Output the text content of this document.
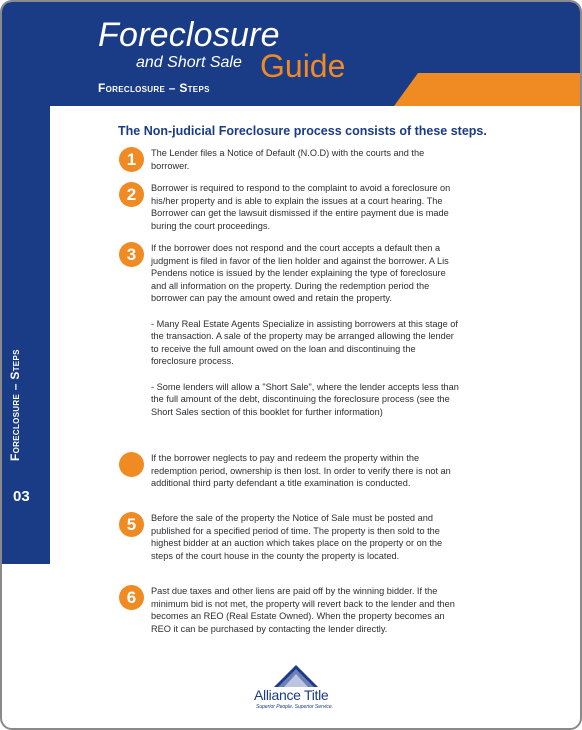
Foreclosure
and Short Sale Guide
Foreclosure – Steps
Foreclosure – Steps
03
The Non-judicial Foreclosure process consists of these steps.
1	The Lender files a Notice of Default (N.O.D) with the courts and the borrower.

2	Borrower is required to respond to the complaint to avoid a foreclosure on his/her property and is able to explain the issues at a court hearing. The Borrower can get the lawsuit dismissed if the entire payment due is made buring the court proceedings.

3	If the borrower does not respond and the court accepts a default then a judgment is filed in favor of the lien holder and against the borrower. A Lis Pendens notice is issued by the lender explaining the type of foreclosure and all information on the property. During the redemption period the borrower can pay the amount owed and retain the property.

- Many Real Estate Agents Specialize in assisting borrowers at this stage of the transaction. A sale of the property may be arranged allowing the lender to receive the full amount owed on the loan and discontinuing the foreclosure process.

- Some lenders will allow a "Short Sale", where the lender accepts less than the full amount of the debt, discontinuing the foreclosure process (see the Short Sales section of this booklet for further information)

If the borrower neglects to pay and redeem the property within the redemption period, ownership is then lost. In order to verify there is not an additional third party defendant a title examination is conducted.

5	Before the sale of the property the Notice of Sale must be posted and published for a specified period of time. The property is then sold to the highest bidder at an auction which takes place on the property or on the steps of the court house in the county the property is located.

6	Past due taxes and other liens are paid off by the winning bidder. If the minimum bid is not met, the property will revert back to the lender and then becomes an REO (Real Estate Owned). When the property becomes an REO it can be purchased by contacting the lender directly.

Alliance Title
Superior People. Superior Service.
